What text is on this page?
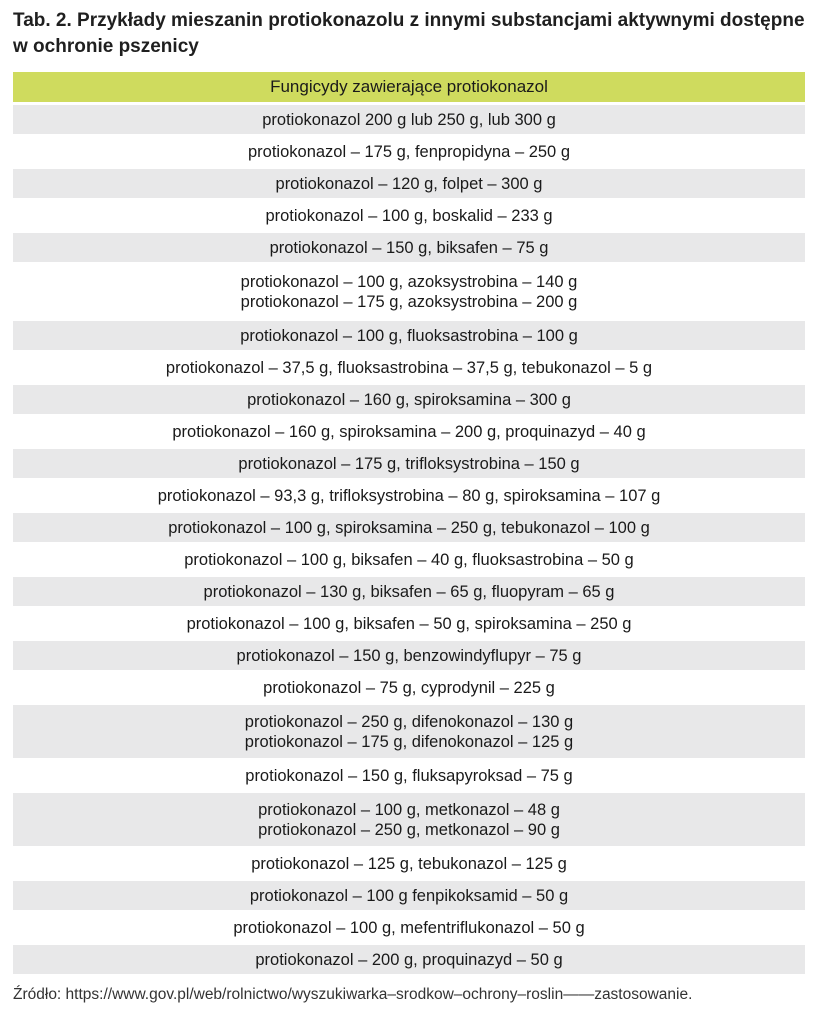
Tab. 2. Przykłady mieszanin protiokonazolu z innymi substancjami aktywnymi dostępne w ochronie pszenicy
Fungicydy zawierające protiokonazol
protiokonazol 200 g lub 250 g, lub 300 g
protiokonazol – 175 g, fenpropidyna – 250 g
protiokonazol – 120 g, folpet – 300 g
protiokonazol – 100 g, boskalid – 233 g
protiokonazol – 150 g, biksafen – 75 g
protiokonazol – 100 g, azoksystrobina – 140 g
protiokonazol – 175 g, azoksystrobina – 200 g
protiokonazol – 100 g, fluoksastrobina – 100 g
protiokonazol – 37,5 g, fluoksastrobina – 37,5 g, tebukonazol – 5 g
protiokonazol – 160 g, spiroksamina – 300 g
protiokonazol – 160 g, spiroksamina – 200 g, proquinazyd – 40 g
protiokonazol – 175 g, trifloksystrobina – 150 g
protiokonazol – 93,3 g, trifloksystrobina – 80 g, spiroksamina – 107 g
protiokonazol – 100 g, spiroksamina – 250 g, tebukonazol – 100 g
protiokonazol – 100 g, biksafen – 40 g, fluoksastrobina – 50 g
protiokonazol – 130 g, biksafen – 65 g, fluopyram – 65 g
protiokonazol – 100 g, biksafen – 50 g, spiroksamina – 250 g
protiokonazol – 150 g, benzowindyflupyr – 75 g
protiokonazol – 75 g, cyprodynil – 225 g
protiokonazol – 250 g, difenokonazol – 130 g
protiokonazol – 175 g, difenokonazol – 125 g
protiokonazol – 150 g, fluksapyroksad – 75 g
protiokonazol – 100 g, metkonazol – 48 g
protiokonazol – 250 g, metkonazol – 90 g
protiokonazol – 125 g, tebukonazol – 125 g
protiokonazol – 100 g fenpikoksamid – 50 g
protiokonazol – 100 g, mefentriflukonazol – 50 g
protiokonazol – 200 g, proquinazyd – 50 g
Źródło: https://www.gov.pl/web/rolnictwo/wyszukiwarka–srodkow–ochrony–roslin——zastosowanie.
